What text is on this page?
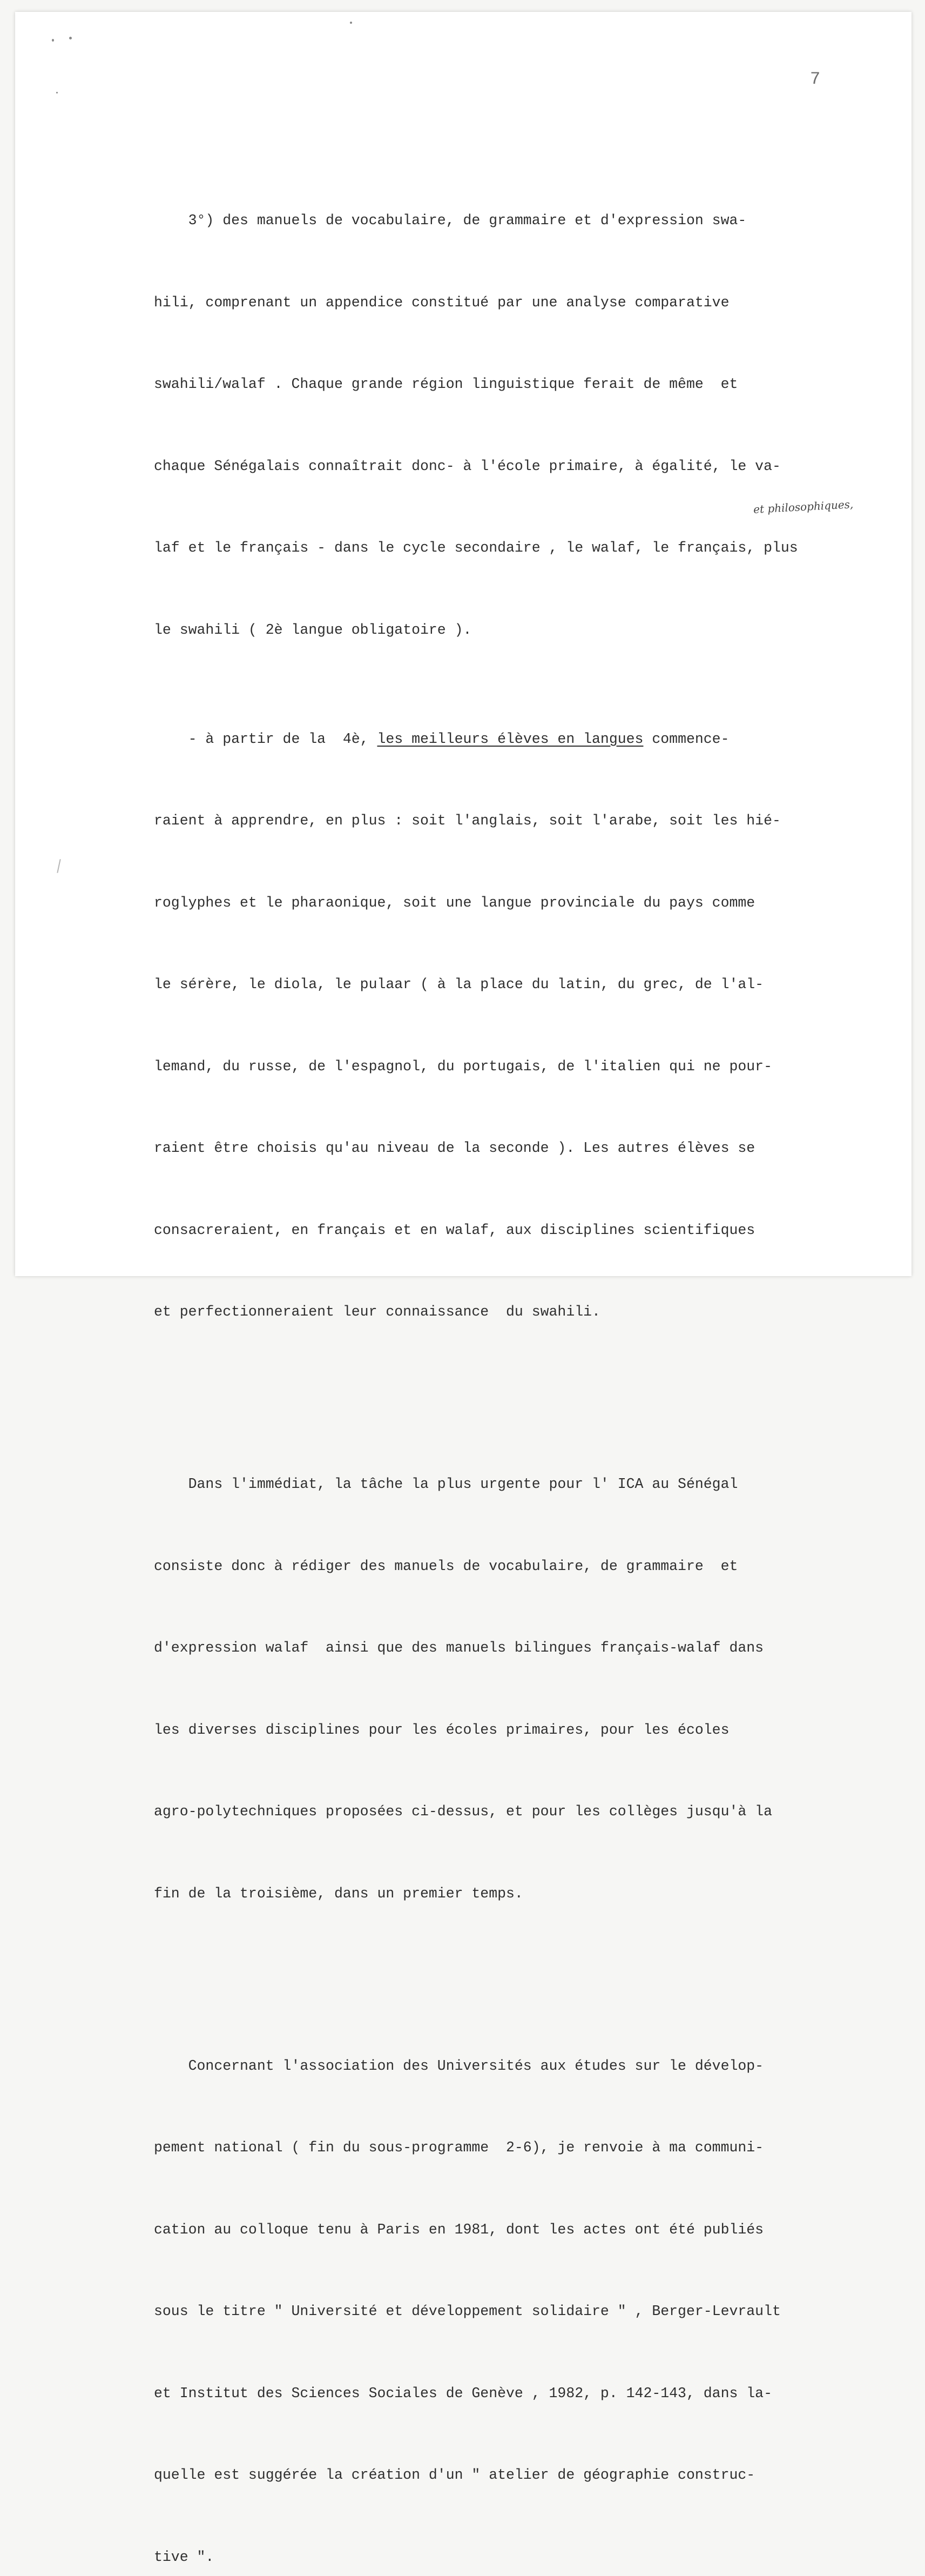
7

3°) des manuels de vocabulaire, de grammaire et d'expression swa-

hili, comprenant un appendice constitué par une analyse comparative

swahili/walaf . Chaque grande région linguistique ferait de même  et

chaque Sénégalais connaîtrait donc- à l'école primaire, à égalité, le va-

laf et le français - dans le cycle secondaire , le walaf, le français, plus

le swahili ( 2è langue obligatoire ).

- à partir de la  4è, les meilleurs élèves en langues commence-

raient à apprendre, en plus : soit l'anglais, soit l'arabe, soit les hié-

roglyphes et le pharaonique, soit une langue provinciale du pays comme

le sérère, le diola, le pulaar ( à la place du latin, du grec, de l'al-

lemand, du russe, de l'espagnol, du portugais, de l'italien qui ne pour-

raient être choisis qu'au niveau de la seconde ). Les autres élèves se

consacreraient, en français et en walaf, aux disciplines scientifiques

et perfectionneraient leur connaissance  du swahili.

Dans l'immédiat, la tâche la plus urgente pour l' ICA au Sénégal

consiste donc à rédiger des manuels de vocabulaire, de grammaire  et

d'expression walaf  ainsi que des manuels bilingues français-walaf dans

les diverses disciplines pour les écoles primaires, pour les écoles

agro-polytechniques proposées ci-dessus, et pour les collèges jusqu'à la

fin de la troisième, dans un premier temps.

Concernant l'association des Universités aux études sur le dévelop-

pement national ( fin du sous-programme  2-6), je renvoie à ma communi-

cation au colloque tenu à Paris en 1981, dont les actes ont été publiés

sous le titre " Université et développement solidaire " , Berger-Levrault

et Institut des Sciences Sociales de Genève , 1982, p. 142-143, dans la-

quelle est suggérée la création d'un " atelier de géographie construc-

tive ".

et philosophiques,
